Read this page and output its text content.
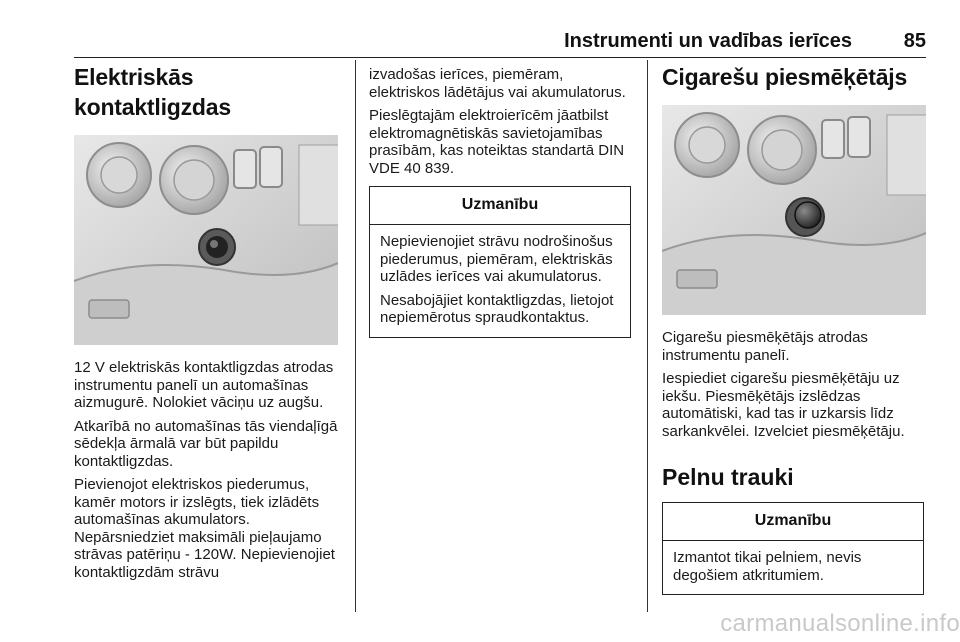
Instrumenti un vadības ierīces	85
Elektriskās kontaktligzdas

12 V elektriskās kontaktligzdas atrodas instrumentu panelī un automašīnas aizmugurē. Nolokiet vāciņu uz augšu.

Atkarībā no automašīnas tās viendaļīgā sēdekļa ārmalā var būt papildu kontaktligzdas.

Pievienojot elektriskos piederumus, kamēr motors ir izslēgts, tiek izlādēts automašīnas akumulators. Nepārsniedziet maksimāli pieļaujamo strāvas patēriņu - 120W. Nepievienojiet kontaktligzdām strāvu

izvadošas ierīces, piemēram, elektriskos lādētājus vai akumulatorus.

Pieslēgtajām elektroierīcēm jāatbilst elektromagnētiskās savietojamības prasībām, kas noteiktas standartā DIN VDE 40 839.

Uzmanību

Nepievienojiet strāvu nodrošinošus piederumus, piemēram, elektriskās uzlādes ierīces vai akumulatorus.

Nesabojājiet kontaktligzdas, lietojot nepiemērotus spraudkontaktus.

Cigarešu piesmēķētājs

Cigarešu piesmēķētājs atrodas instrumentu panelī.

Iespiediet cigarešu piesmēķētāju uz iekšu. Piesmēķētājs izslēdzas automātiski, kad tas ir uzkarsis līdz sarkankvēlei. Izvelciet piesmēķētāju.

Pelnu trauki
Uzmanību

Izmantot tikai pelniem, nevis degošiem atkritumiem.

carmanualsonline.info
